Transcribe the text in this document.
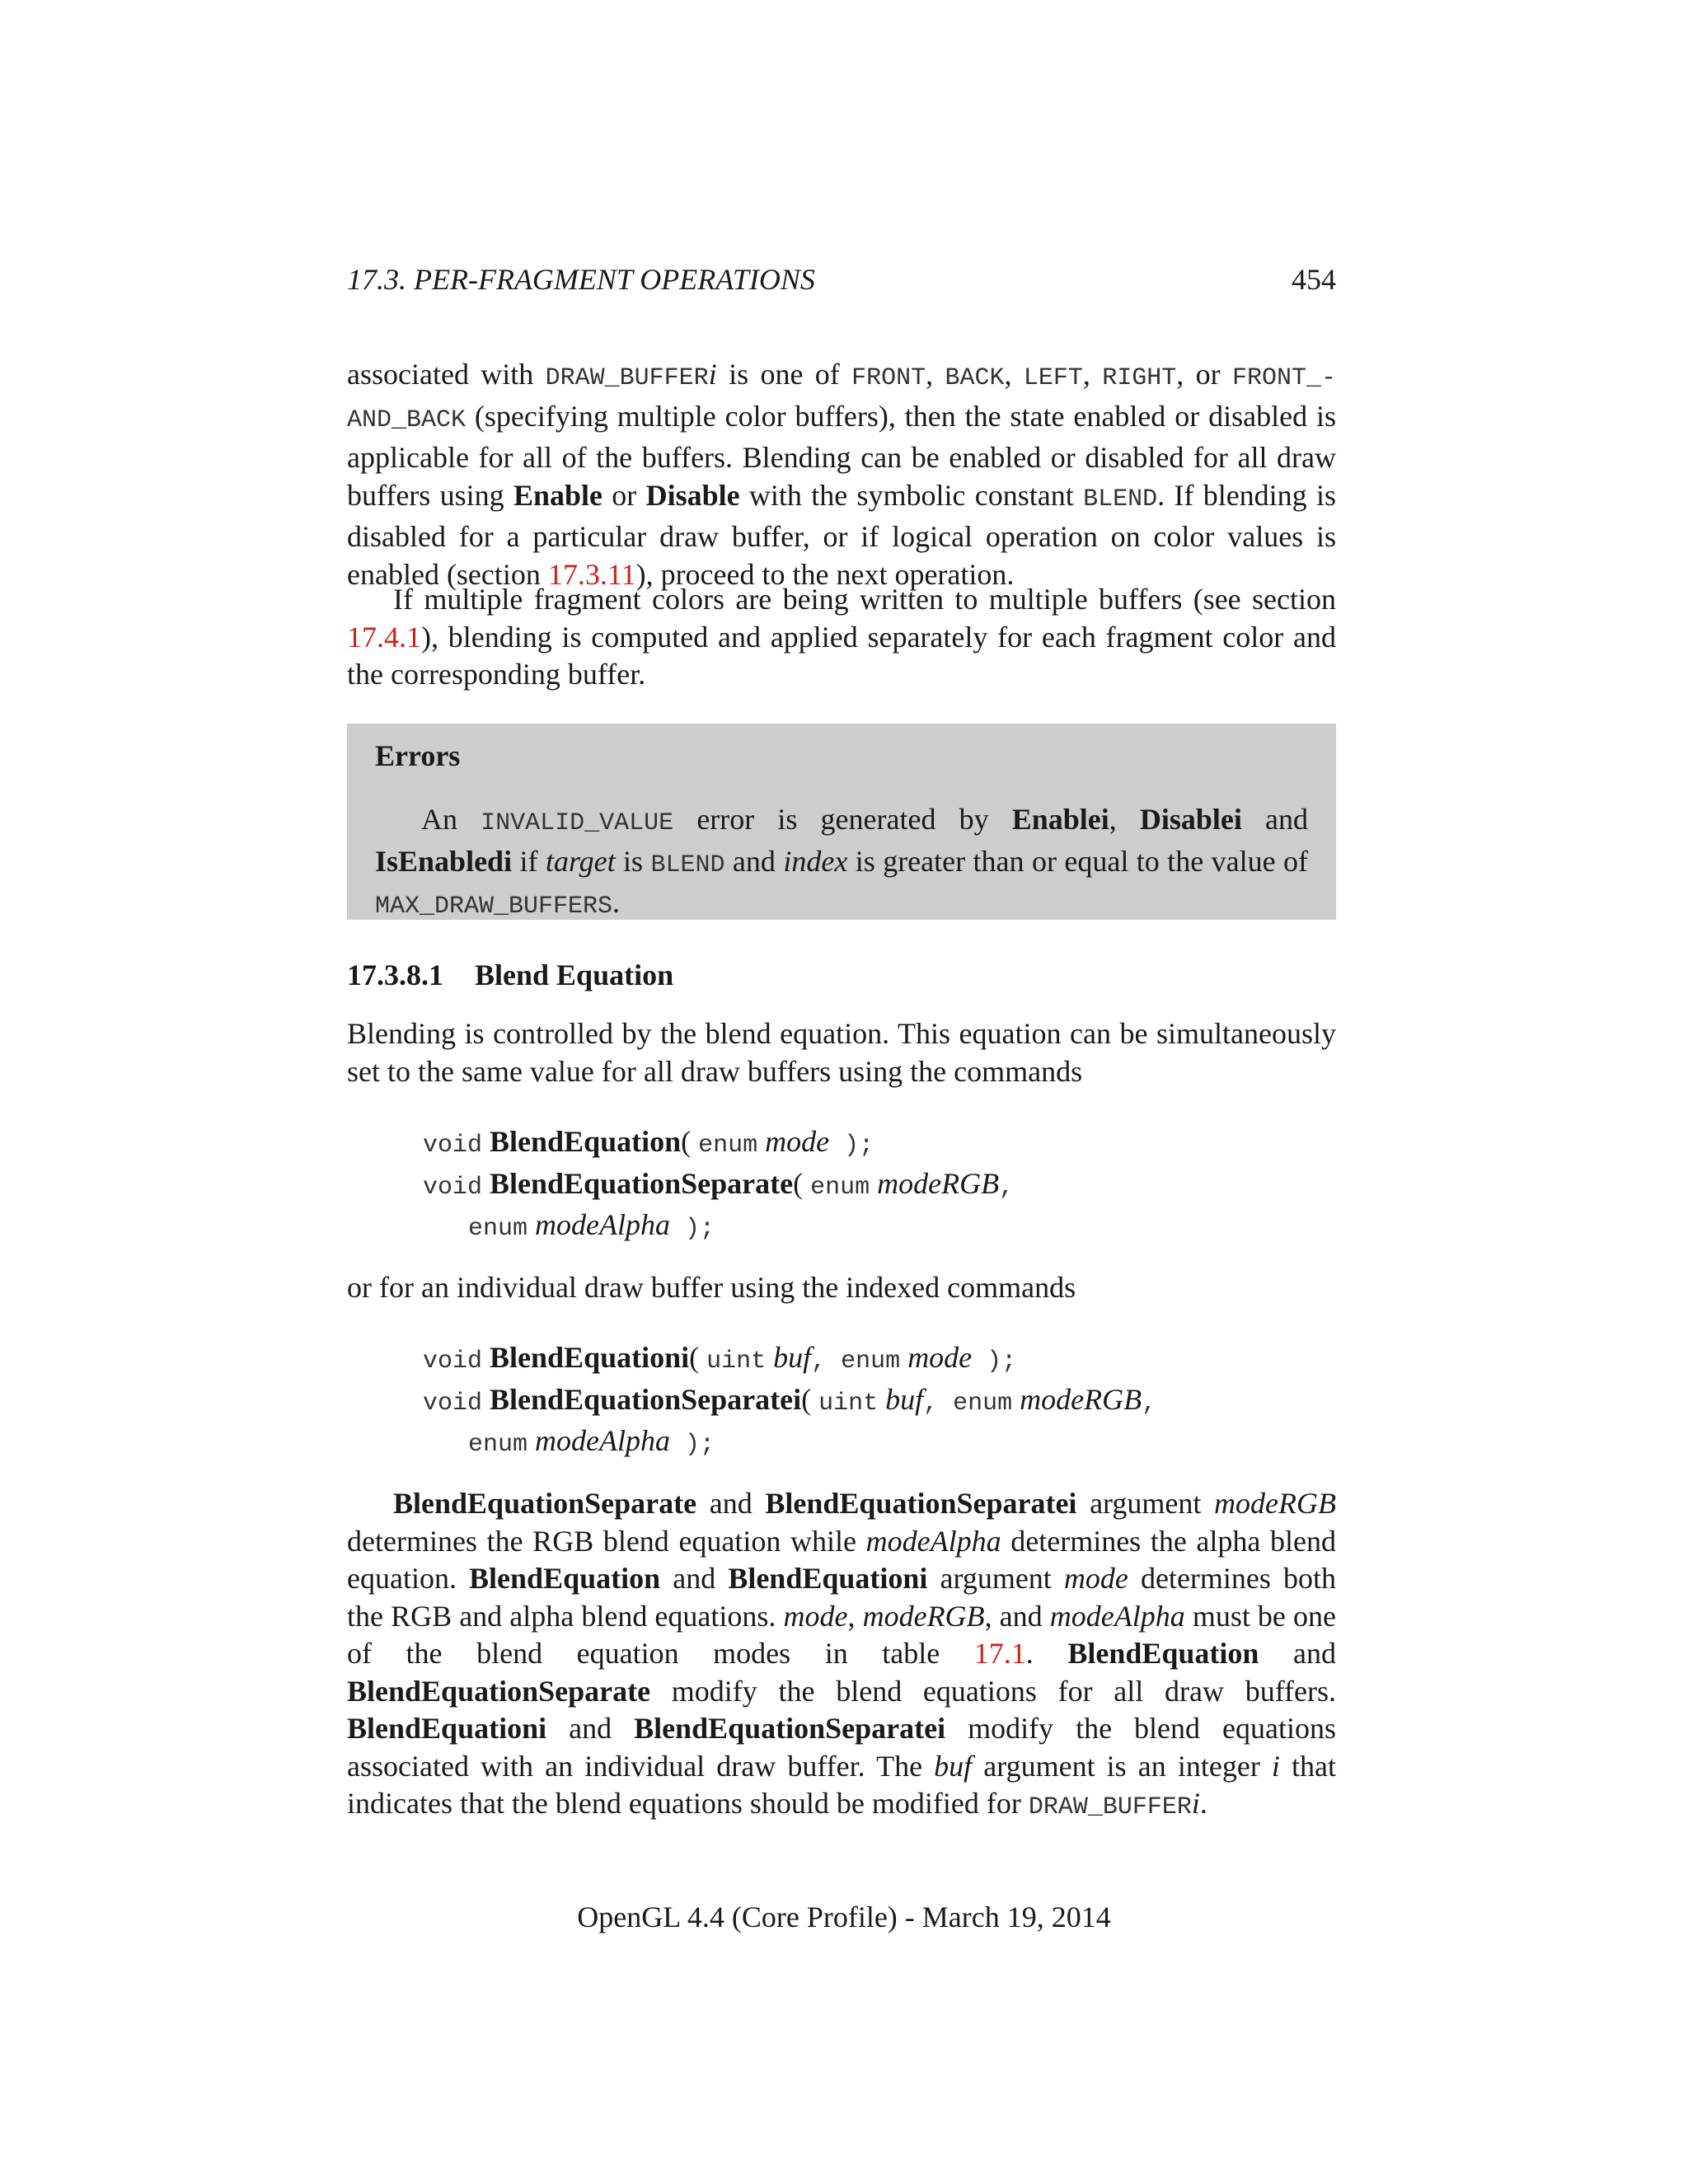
17.3. PER-FRAGMENT OPERATIONS	454

associated with DRAW_BUFFERi is one of FRONT, BACK, LEFT, RIGHT, or FRONT_-AND_BACK (specifying multiple color buffers), then the state enabled or disabled is applicable for all of the buffers. Blending can be enabled or disabled for all draw buffers using Enable or Disable with the symbolic constant BLEND. If blending is disabled for a particular draw buffer, or if logical operation on color values is enabled (section 17.3.11), proceed to the next operation.

If multiple fragment colors are being written to multiple buffers (see section 17.4.1), blending is computed and applied separately for each fragment color and the corresponding buffer.

Errors
An INVALID_VALUE error is generated by Enablei, Disablei and IsEnabledi if target is BLEND and index is greater than or equal to the value of MAX_DRAW_BUFFERS.
17.3.8.1 Blend Equation

Blending is controlled by the blend equation. This equation can be simultaneously set to the same value for all draw buffers using the commands

void BlendEquation( enum mode );
void BlendEquationSeparate( enum modeRGB,
enum modeAlpha );

or for an individual draw buffer using the indexed commands

void BlendEquationi( uint buf, enum mode );
void BlendEquationSeparatei( uint buf, enum modeRGB,
enum modeAlpha );

BlendEquationSeparate and BlendEquationSeparatei argument modeRGB determines the RGB blend equation while modeAlpha determines the alpha blend equation. BlendEquation and BlendEquationi argument mode determines both the RGB and alpha blend equations. mode, modeRGB, and modeAlpha must be one of the blend equation modes in table 17.1. BlendEquation and BlendEquationSeparate modify the blend equations for all draw buffers. BlendEquationi and BlendEquationSeparatei modify the blend equations associated with an individual draw buffer. The buf argument is an integer i that indicates that the blend equations should be modified for DRAW_BUFFERi.

OpenGL 4.4 (Core Profile) - March 19, 2014
